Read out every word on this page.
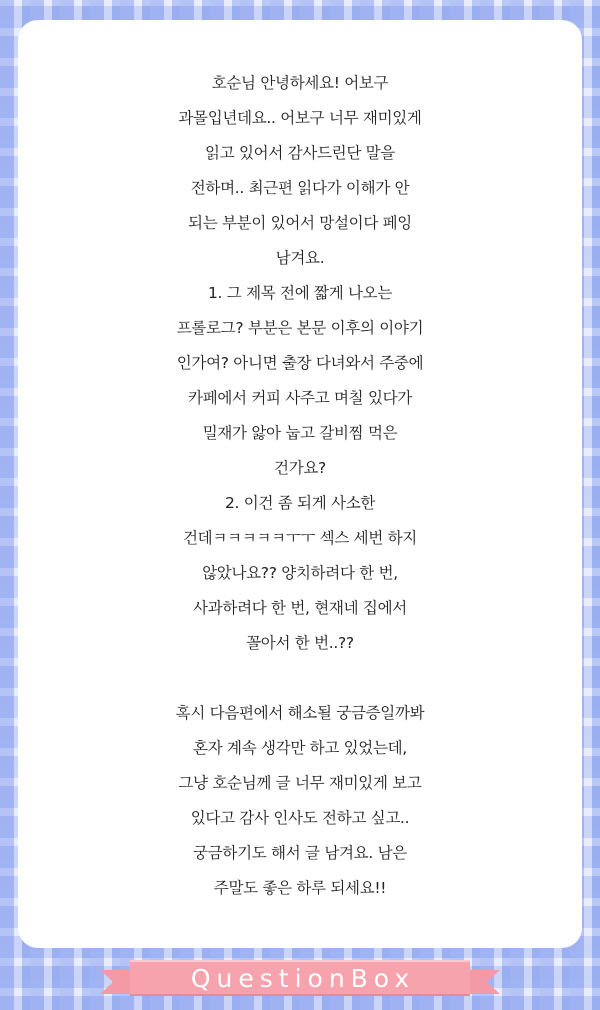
호순님 안녕하세요! 어보구
과몰입년데요.. 어보구 너무 재미있게
읽고 있어서 감사드린단 말을
전하며.. 최근편 읽다가 이해가 안
되는 부분이 있어서 망설이다 페잉
남겨요.
1. 그 제목 전에 짧게 나오는
프롤로그? 부분은 본문 이후의 이야기
인가여? 아니면 출장 다녀와서 주중에
카페에서 커피 사주고 며칠 있다가
밀재가 앓아 눕고 갈비찜 먹은
건가요?
2. 이건 좀 되게 사소한
건데ㅋㅋㅋㅋㅋㅜㅜ 섹스 세번 하지
않았나요?? 양치하려다 한 번,
사과하려다 한 번, 현재네 집에서
꼴아서 한 번..??
혹시 다음편에서 해소될 궁금증일까봐
혼자 계속 생각만 하고 있었는데,
그냥 호순님께 글 너무 재미있게 보고
있다고 감사 인사도 전하고 싶고..
궁금하기도 해서 글 남겨요. 남은
주말도 좋은 하루 되세요!!
QuestionBox
